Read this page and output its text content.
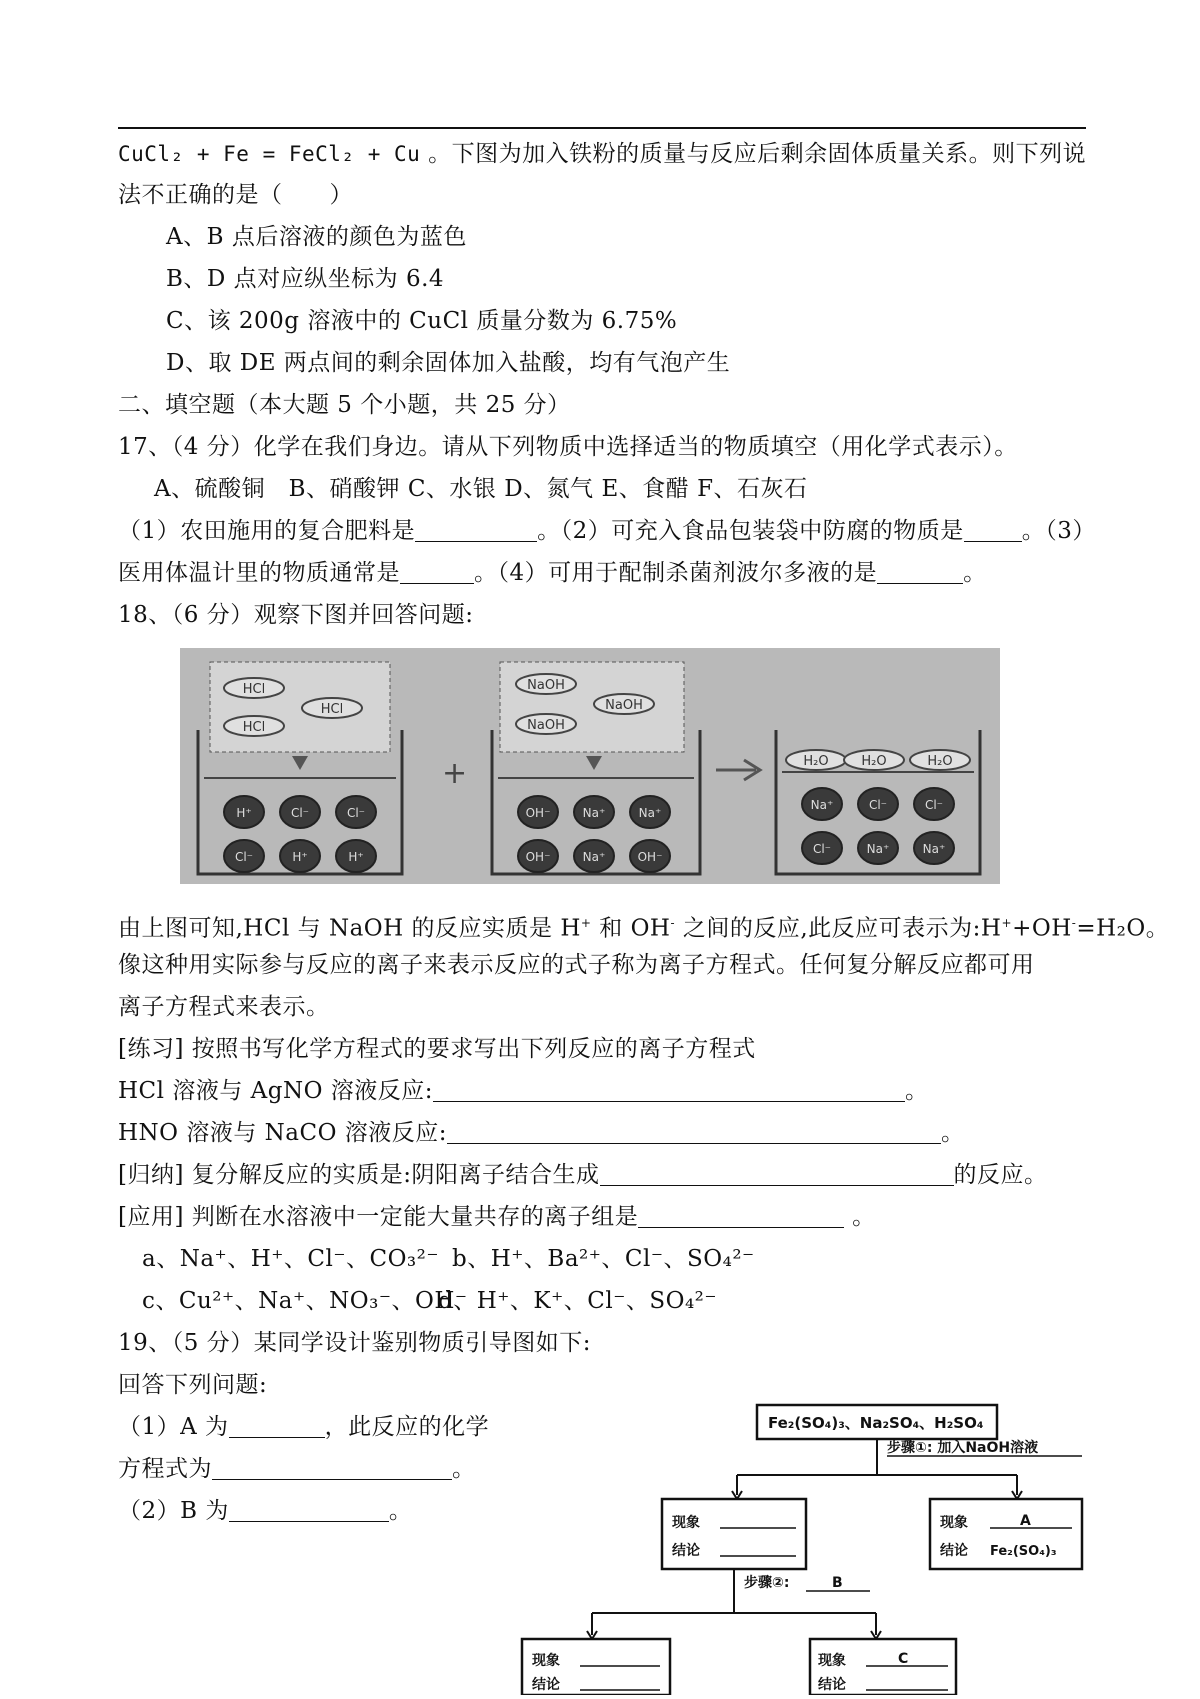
CuCl₂ + Fe = FeCl₂ + Cu 。下图为加入铁粉的质量与反应后剩余固体质量关系。则下列说
法不正确的是（　　）
A、B 点后溶液的颜色为蓝色
B、D 点对应纵坐标为 6.4
C、该 200g 溶液中的 CuCl 质量分数为 6.75%
D、取 DE 两点间的剩余固体加入盐酸，均有气泡产生
二、填空题（本大题 5 个小题，共 25 分）
17、（4 分）化学在我们身边。请从下列物质中选择适当的物质填空（用化学式表示）。
A、硫酸铜　B、硝酸钾 C、水银 D、氮气 E、食醋 F、石灰石
（1）农田施用的复合肥料是	。（2）可充入食品包装袋中防腐的物质是	。（3）
医用体温计里的物质通常是	。（4）可用于配制杀菌剂波尔多液的是	。
18、（6 分）观察下图并回答问题:
HCl
HCl
HCl
H⁺	Cl⁻	Cl⁻
Cl⁻	H⁺	H⁺
+
NaOH
NaOH
NaOH
OH⁻	Na⁺	Na⁺
OH⁻	Na⁺	OH⁻
H₂O	H₂O	H₂O
Na⁺	Cl⁻	Cl⁻
Cl⁻	Na⁺	Na⁺
由上图可知,HCl 与 NaOH 的反应实质是 H+ 和 OH- 之间的反应,此反应可表示为:H++OH-=H₂O。
像这种用实际参与反应的离子来表示反应的式子称为离子方程式。任何复分解反应都可用
离子方程式来表示。
[练习] 按照书写化学方程式的要求写出下列反应的离子方程式
HCl 溶液与 AgNO 溶液反应:	。
HNO 溶液与 NaCO 溶液反应:	。
[归纳] 复分解反应的实质是:阴阳离子结合生成	的反应。
[应用] 判断在水溶液中一定能大量共存的离子组是	。
a、Na⁺、H⁺、Cl⁻、CO₃²⁻ b、H⁺、Ba²⁺、Cl⁻、SO₄²⁻
c、Cu²⁺、Na⁺、NO₃⁻、OH⁻
d、H⁺、K⁺、Cl⁻、SO₄²⁻
19、（5 分）某同学设计鉴别物质引导图如下:
回答下列问题:
（1）A 为	，此反应的化学
方程式为	。
（2）B 为	。
Fe₂(SO₄)₃、Na₂SO₄、H₂SO₄
步骤①: 加入NaOH溶液
现象
结论
现象	A
结论 Fe₂(SO₄)₃
步骤②:	B
现象
结论
现象	C
结论
